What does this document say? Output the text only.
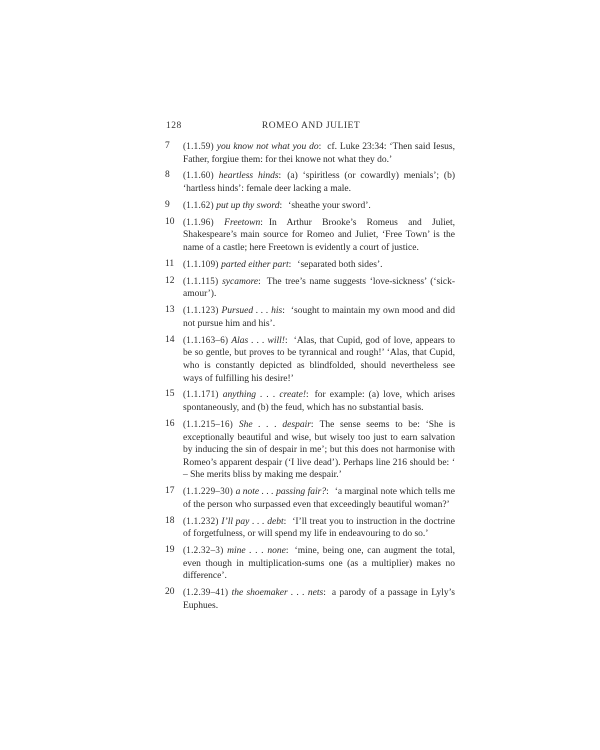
128	ROMEO AND JULIET
7	(1.1.59) you know not what you do: cf. Luke 23:34: ‘Then said Iesus, Father, forgiue them: for thei knowe not what they do.’
8	(1.1.60) heartless hinds: (a) ‘spiritless (or cowardly) menials’; (b) ‘hartless hinds’: female deer lacking a male.
9	(1.1.62) put up thy sword: ‘sheathe your sword’.
10 (1.1.96) Freetown: In Arthur Brooke’s Romeus and Juliet, Shakespeare’s main source for Romeo and Juliet, ‘Free Town’ is the name of a castle; here Freetown is evidently a court of justice.
11 (1.1.109) parted either part: ‘separated both sides’.
12 (1.1.115) sycamore: The tree’s name suggests ‘love-sickness’ (‘sick-amour’).
13 (1.1.123) Pursued . . . his: ‘sought to maintain my own mood and did not pursue him and his’.
14 (1.1.163–6) Alas . . . will!: ‘Alas, that Cupid, god of love, appears to be so gentle, but proves to be tyrannical and rough!’ ‘Alas, that Cupid, who is constantly depicted as blindfolded, should nevertheless see ways of fulfilling his desire!’
15 (1.1.171) anything . . . create!: for example: (a) love, which arises spontaneously, and (b) the feud, which has no substantial basis.
16 (1.1.215–16) She . . . despair: The sense seems to be: ‘She is exceptionally beautiful and wise, but wisely too just to earn salvation by inducing the sin of despair in me’; but this does not harmonise with Romeo’s apparent despair (‘I live dead’). Perhaps line 216 should be: ‘ – She merits bliss by making me despair.’
17 (1.1.229–30) a note . . . passing fair?: ‘a marginal note which tells me of the person who surpassed even that exceedingly beautiful woman?’
18 (1.1.232) I’ll pay . . . debt: ‘I’ll treat you to instruction in the doctrine of forgetfulness, or will spend my life in endeavouring to do so.’
19 (1.2.32–3) mine . . . none: ‘mine, being one, can augment the total, even though in multiplication-sums one (as a multiplier) makes no difference’.
20 (1.2.39–41) the shoemaker . . . nets: a parody of a passage in Lyly’s Euphues.
